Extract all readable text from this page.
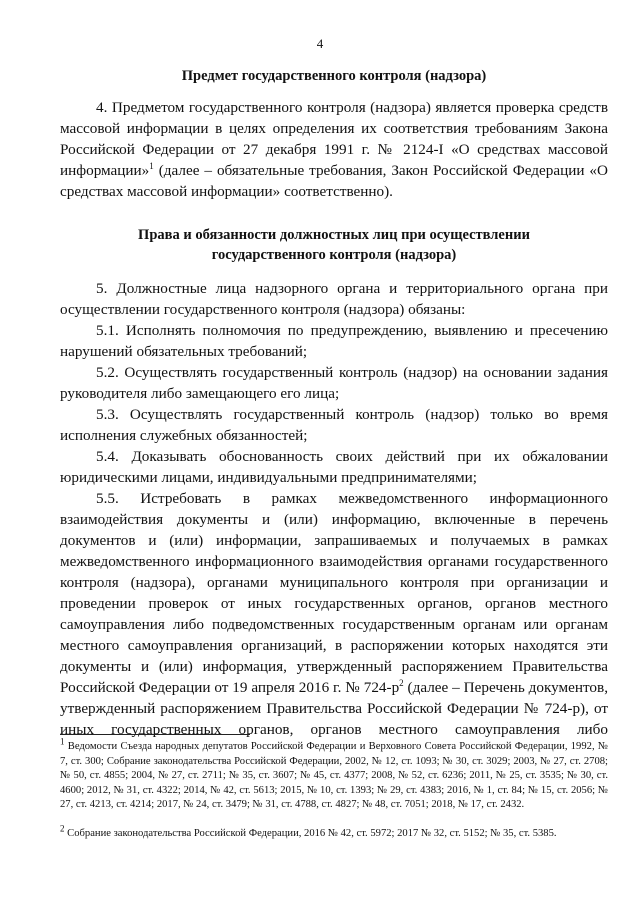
4
Предмет государственного контроля (надзора)
4. Предметом государственного контроля (надзора) является проверка средств массовой информации в целях определения их соответствия требованиям Закона Российской Федерации от 27 декабря 1991 г. № 2124-I «О средствах массовой информации»$^1$ (далее – обязательные требования, Закон Российской Федерации «О средствах массовой информации» соответственно).
Права и обязанности должностных лиц при осуществлении
государственного контроля (надзора)
5. Должностные лица надзорного органа и территориального органа при осуществлении государственного контроля (надзора) обязаны:
5.1. Исполнять полномочия по предупреждению, выявлению и пресечению нарушений обязательных требований;
5.2. Осуществлять государственный контроль (надзор) на основании задания руководителя либо замещающего его лица;
5.3. Осуществлять государственный контроль (надзор) только во время исполнения служебных обязанностей;
5.4. Доказывать обоснованность своих действий при их обжаловании юридическими лицами, индивидуальными предпринимателями;
5.5. Истребовать в рамках межведомственного информационного взаимодействия документы и (или) информацию, включенные в перечень документов и (или) информации, запрашиваемых и получаемых в рамках межведомственного информационного взаимодействия органами государственного контроля (надзора), органами муниципального контроля при организации и проведении проверок от иных государственных органов, органов местного самоуправления либо подведомственных государственным органам или органам местного самоуправления организаций, в распоряжении которых находятся эти документы и (или) информация, утвержденный распоряжением Правительства Российской Федерации от 19 апреля 2016 г. № $724-р^2$ (далее – Перечень документов, утвержденный распоряжением Правительства Российской Федерации № 724-р), от иных государственных органов, органов местного самоуправления либо
$^1$ Ведомости Съезда народных депутатов Российской Федерации и Верховного Совета Российской Федерации, 1992, № 7, ст. 300; Собрание законодательства Российской Федерации, 2002, № 12, ст. 1093; № 30, ст. 3029; 2003, № 27, ст. 2708; № 50, ст. 4855; 2004, № 27, ст. 2711; № 35, ст. 3607; № 45, ст. 4377; 2008, № 52, ст. 6236; 2011, № 25, ст. 3535; № 30, ст. 4600; 2012, № 31, ст. 4322; 2014, № 42, ст. 5613; 2015, № 10, ст. 1393; № 29, ст. 4383; 2016, № 1, ст. 84; № 15, ст. 2056; № 27, ст. 4213, ст. 4214; 2017, № 24, ст. 3479; № 31, ст. 4788, ст. 4827; № 48, ст. 7051; 2018, № 17, ст. 2432.
$^2$ Собрание законодательства Российской Федерации, 2016 № 42, ст. 5972; 2017 № 32, ст. 5152; № 35, ст. 5385.
